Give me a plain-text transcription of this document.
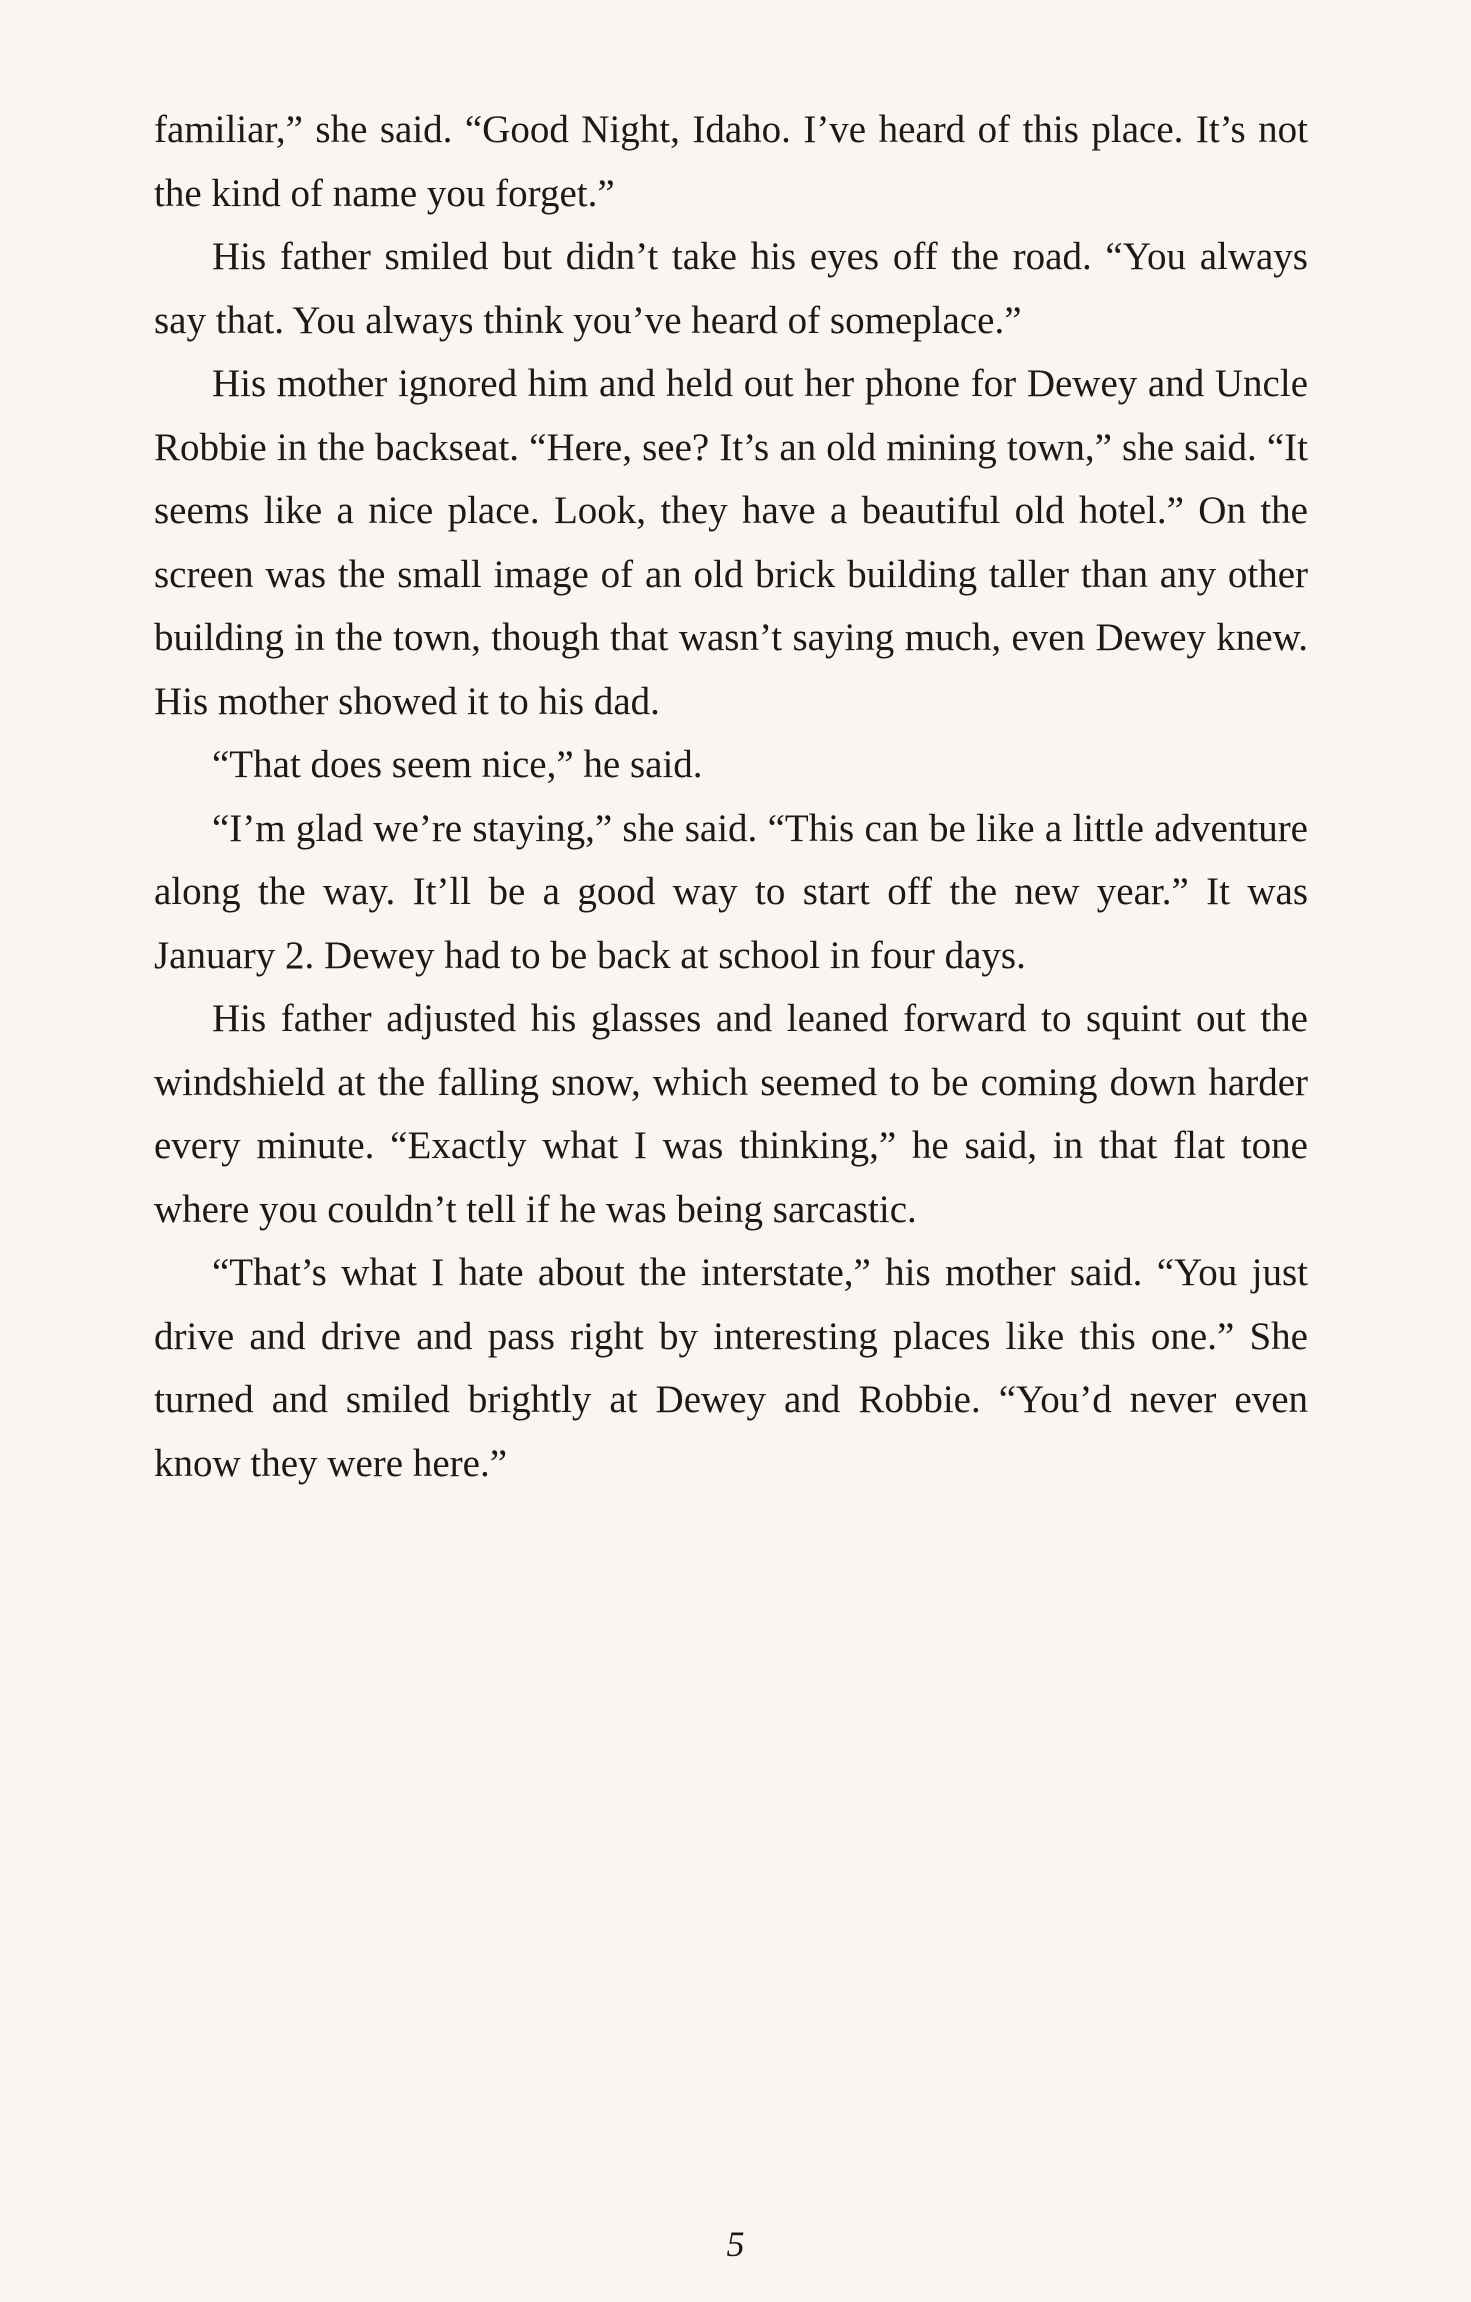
familiar,” she said. “Good Night, Idaho. I’ve heard of this place. It’s not the kind of name you forget.”

His father smiled but didn’t take his eyes off the road. “You always say that. You always think you’ve heard of someplace.”

His mother ignored him and held out her phone for Dewey and Uncle Robbie in the backseat. “Here, see? It’s an old mining town,” she said. “It seems like a nice place. Look, they have a beautiful old hotel.” On the screen was the small image of an old brick building taller than any other building in the town, though that wasn’t saying much, even Dewey knew. His mother showed it to his dad.

“That does seem nice,” he said.

“I’m glad we’re staying,” she said. “This can be like a little adventure along the way. It’ll be a good way to start off the new year.” It was January 2. Dewey had to be back at school in four days.

His father adjusted his glasses and leaned forward to squint out the windshield at the falling snow, which seemed to be coming down harder every minute. “Exactly what I was thinking,” he said, in that flat tone where you couldn’t tell if he was being sarcastic.

“That’s what I hate about the interstate,” his mother said. “You just drive and drive and pass right by interesting places like this one.” She turned and smiled brightly at Dewey and Robbie. “You’d never even know they were here.”

5
